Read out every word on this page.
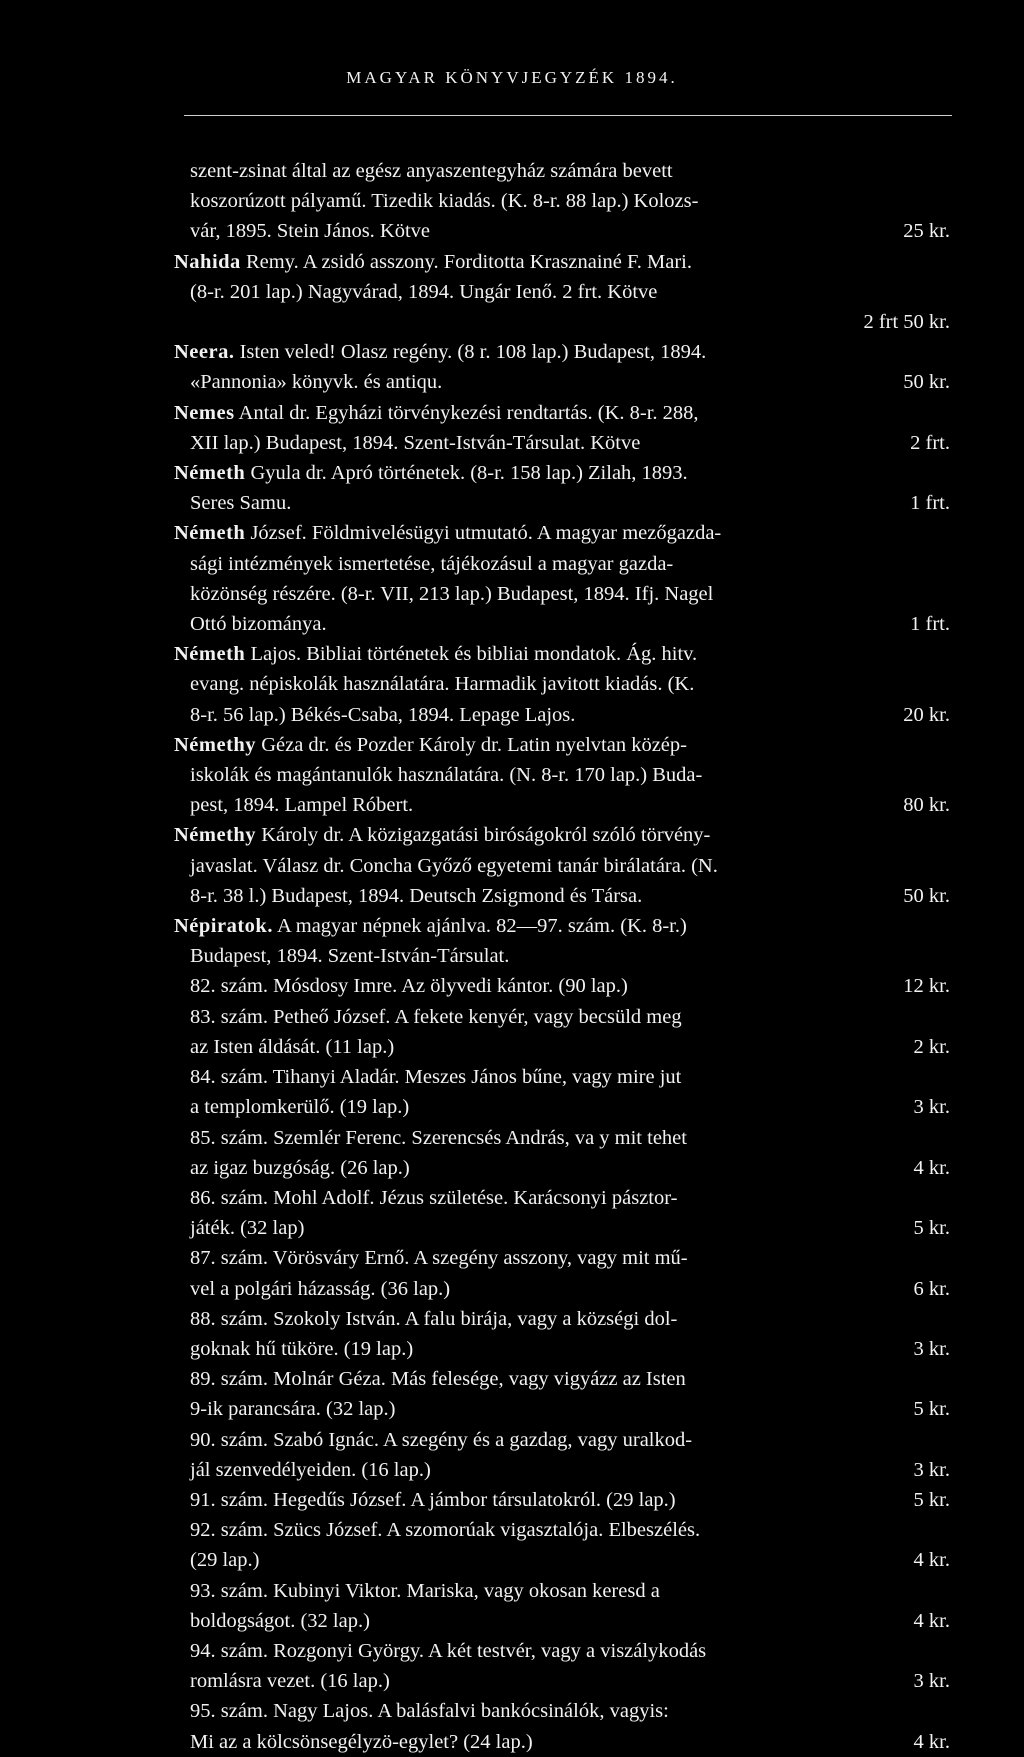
MAGYAR KÖNYVJEGYZÉK 1894.
szent-zsinat által az egész anyaszentegyház számára bevett
koszorúzott pályamű. Tizedik kiadás. (K. 8-r. 88 lap.) Kolozs-
vár, 1895. Stein János. Kötve	25 kr.
Nahida Remy. A zsidó asszony. Forditotta Krasznainé F. Mari.
(8-r. 201 lap.) Nagyvárad, 1894. Ungár Ienő. 2 frt. Kötve
2 frt 50 kr.
Neera. Isten veled! Olasz regény. (8 r. 108 lap.) Budapest, 1894.
«Pannonia» könyvk. és antiqu.	50 kr.
Nemes Antal dr. Egyházi törvénykezési rendtartás. (K. 8-r. 288,
XII lap.) Budapest, 1894. Szent-István-Társulat. Kötve	2 frt.
Németh Gyula dr. Apró történetek. (8-r. 158 lap.) Zilah, 1893.
Seres Samu.	1 frt.
Németh József. Földmivelésügyi utmutató. A magyar mezőgazda-
sági intézmények ismertetése, tájékozásul a magyar gazda-
közönség részére. (8-r. VII, 213 lap.) Budapest, 1894. Ifj. Nagel
Ottó bizománya.	1 frt.
Németh Lajos. Bibliai történetek és bibliai mondatok. Ág. hitv.
evang. népiskolák használatára. Harmadik javitott kiadás. (K.
8-r. 56 lap.) Békés-Csaba, 1894. Lepage Lajos.	20 kr.
Némethy Géza dr. és Pozder Károly dr. Latin nyelvtan közép-
iskolák és magántanulók használatára. (N. 8-r. 170 lap.) Buda-
pest, 1894. Lampel Róbert.	80 kr.
Némethy Károly dr. A közigazgatási biróságokról szóló törvény-
javaslat. Válasz dr. Concha Győző egyetemi tanár birálatára. (N.
8-r. 38 l.) Budapest, 1894. Deutsch Zsigmond és Társa.	50 kr.
Népiratok. A magyar népnek ajánlva. 82—97. szám. (K. 8-r.)
Budapest, 1894. Szent-István-Társulat.
82. szám. Mósdosy Imre. Az ölyvedi kántor. (90 lap.)	12 kr.
83. szám. Petheő József. A fekete kenyér, vagy becsüld meg
az Isten áldását. (11 lap.)	2 kr.
84. szám. Tihanyi Aladár. Meszes János bűne, vagy mire jut
a templomkerülő. (19 lap.)	3 kr.
85. szám. Szemlér Ferenc. Szerencsés András, va y mit tehet
az igaz buzgóság. (26 lap.)	4 kr.
86. szám. Mohl Adolf. Jézus születése. Karácsonyi pásztor-
játék. (32 lap)	5 kr.
87. szám. Vörösváry Ernő. A szegény asszony, vagy mit mű-
vel a polgári házasság. (36 lap.)	6 kr.
88. szám. Szokoly István. A falu birája, vagy a községi dol-
goknak hű tüköre. (19 lap.)	3 kr.
89. szám. Molnár Géza. Más felesége, vagy vigyázz az Isten
9-ik parancsára. (32 lap.)	5 kr.
90. szám. Szabó Ignác. A szegény és a gazdag, vagy uralkod-
jál szenvedélyeiden. (16 lap.)	3 kr.
91. szám. Hegedűs József. A jámbor társulatokról. (29 lap.)	5 kr.
92. szám. Szücs József. A szomorúak vigasztalója. Elbeszélés.
(29 lap.)	4 kr.
93. szám. Kubinyi Viktor. Mariska, vagy okosan keresd a
boldogságot. (32 lap.)	4 kr.
94. szám. Rozgonyi György. A két testvér, vagy a viszálykodás
romlásra vezet. (16 lap.)	3 kr.
95. szám. Nagy Lajos. A balásfalvi bankócsinálók, vagyis:
Mi az a kölcsönsegélyzö-egylet? (24 lap.)	4 kr.
